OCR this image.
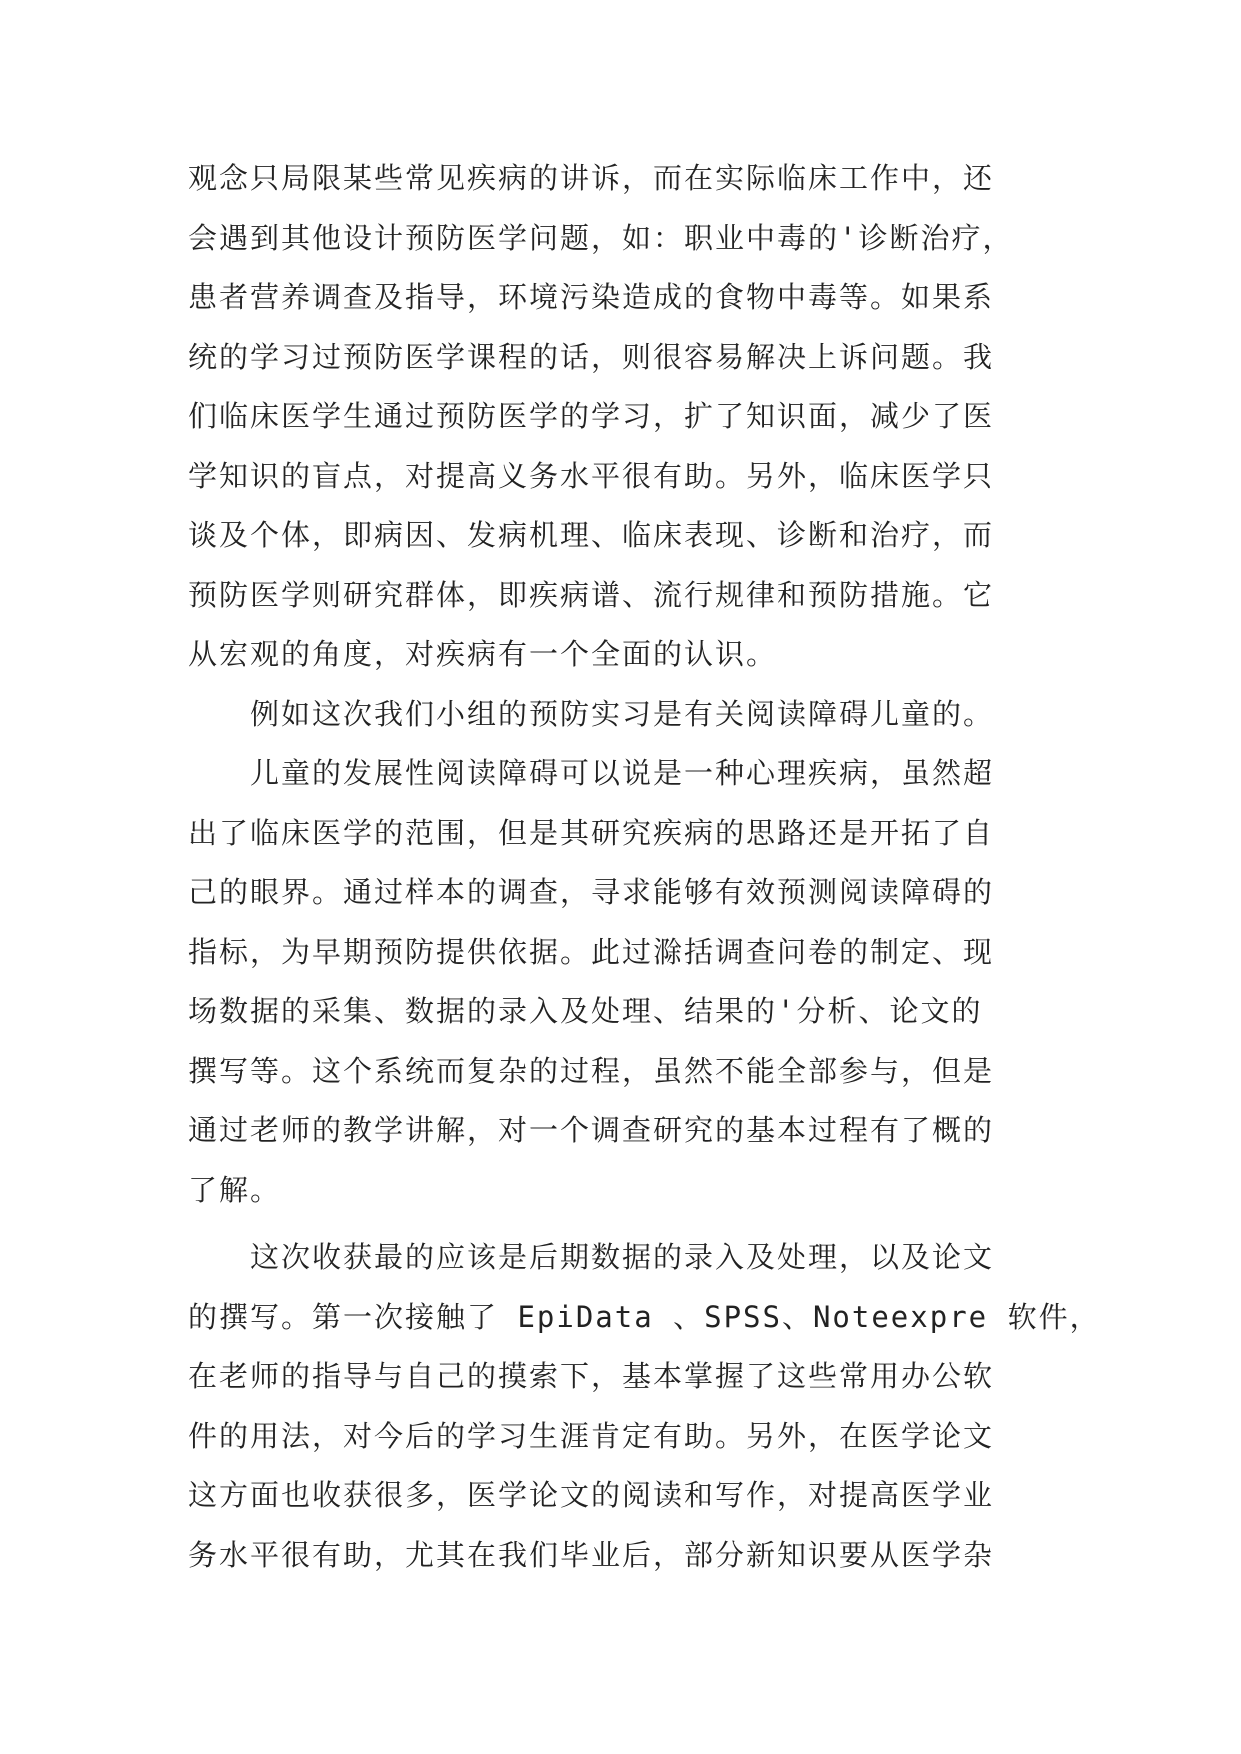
观念只局限某些常见疾病的讲诉，而在实际临床工作中，还
会遇到其他设计预防医学问题，如：职业中毒的'诊断治疗，
患者营养调查及指导，环境污染造成的食物中毒等。如果系
统的学习过预防医学课程的话，则很容易解决上诉问题。我
们临床医学生通过预防医学的学习，扩了知识面，减少了医
学知识的盲点，对提高义务水平很有助。另外，临床医学只
谈及个体，即病因、发病机理、临床表现、诊断和治疗，而
预防医学则研究群体，即疾病谱、流行规律和预防措施。它
从宏观的角度，对疾病有一个全面的认识。
　　例如这次我们小组的预防实习是有关阅读障碍儿童的。
　　儿童的发展性阅读障碍可以说是一种心理疾病，虽然超
出了临床医学的范围，但是其研究疾病的思路还是开拓了自
己的眼界。通过样本的调查，寻求能够有效预测阅读障碍的
指标，为早期预防提供依据。此过滁括调查问卷的制定、现
场数据的采集、数据的录入及处理、结果的'分析、论文的
撰写等。这个系统而复杂的过程，虽然不能全部参与，但是
通过老师的教学讲解，对一个调查研究的基本过程有了概的
了解。
　　这次收获最的应该是后期数据的录入及处理，以及论文
的撰写。第一次接触了 EpiData 、SPSS、Noteexpre 软件，
在老师的指导与自己的摸索下，基本掌握了这些常用办公软
件的用法，对今后的学习生涯肯定有助。另外，在医学论文
这方面也收获很多，医学论文的阅读和写作，对提高医学业
务水平很有助，尤其在我们毕业后，部分新知识要从医学杂
